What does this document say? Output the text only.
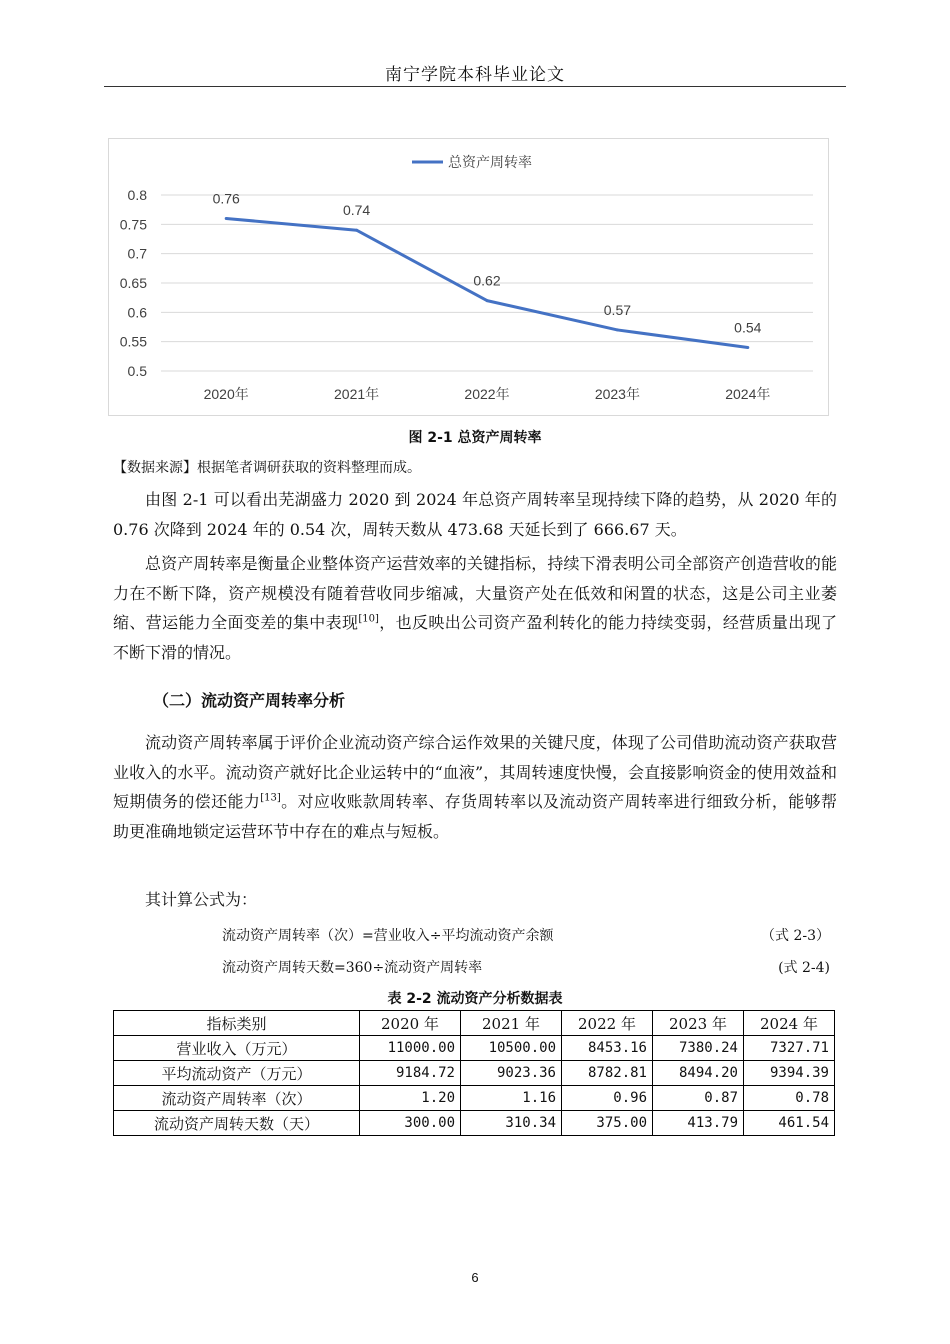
南宁学院本科毕业论文
0.8
0.75
0.7
0.65
0.6
0.55
0.5
2020年	2021年	2022年	2023年	2024年
0.76
0.74
0.62
0.57
0.54
总资产周转率
图 2-1 总资产周转率
【数据来源】根据笔者调研获取的资料整理而成。

由图 2-1 可以看出芜湖盛力 2020 到 2024 年总资产周转率呈现持续下降的趋势，从 2020 年的 0.76 次降到 2024 年的 0.54 次，周转天数从 473.68 天延长到了 666.67 天。

总资产周转率是衡量企业整体资产运营效率的关键指标，持续下滑表明公司全部资产创造营收的能力在不断下降，资产规模没有随着营收同步缩减，大量资产处在低效和闲置的状态，这是公司主业萎缩、营运能力全面变差的集中表现[10]，也反映出公司资产盈利转化的能力持续变弱，经营质量出现了不断下滑的情况。

（二）流动资产周转率分析

流动资产周转率属于评价企业流动资产综合运作效果的关键尺度，体现了公司借助流动资产获取营业收入的水平。流动资产就好比企业运转中的“血液”，其周转速度快慢，会直接影响资金的使用效益和短期债务的偿还能力[13]。对应收账款周转率、存货周转率以及流动资产周转率进行细致分析，能够帮助更准确地锁定运营环节中存在的难点与短板。

其计算公式为：

流动资产周转率（次）=营业收入÷平均流动资产余额	（式 2-3）
流动资产周转天数=360÷流动资产周转率	(式 2-4)
表 2-2 流动资产分析数据表
指标类别	2020 年	2021 年	2022 年	2023 年	2024 年
营业收入（万元）	11000.00	10500.00	8453.16	7380.24	7327.71
平均流动资产（万元）	9184.72	9023.36	8782.81	8494.20	9394.39
流动资产周转率（次）	1.20	1.16	0.96	0.87	0.78
流动资产周转天数（天）	300.00	310.34	375.00	413.79	461.54
6
